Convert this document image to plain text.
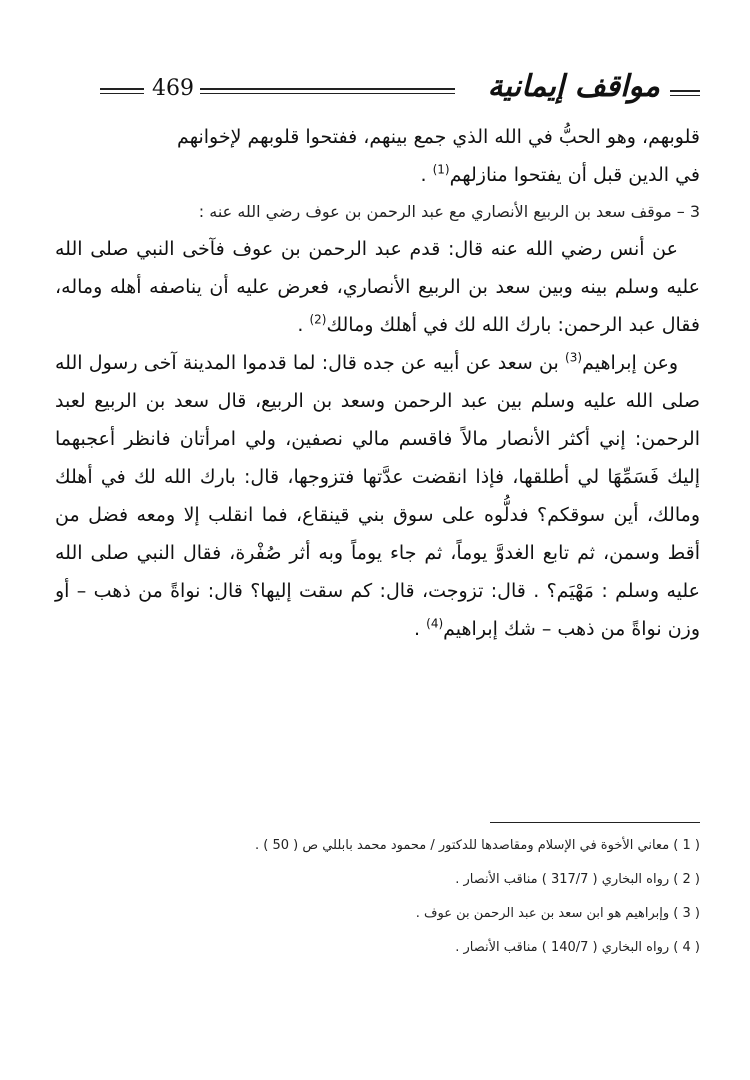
مواقف إيمانية
469

قلوبهم، وهو الحبُّ في الله الذي جمع بينهم، ففتحوا قلوبهم لإخوانهم
في الدين قبل أن يفتحوا منازلهم$^{(1)}$ .

3 – موقف سعد بن الربيع الأنصاري مع عبد الرحمن بن عوف رضي الله عنه :

عن أنس رضي الله عنه قال: قدم عبد الرحمن بن عوف فآخى النبي صلى الله عليه وسلم بينه وبين سعد بن الربيع الأنصاري، فعرض عليه أن يناصفه أهله وماله، فقال عبد الرحمن: بارك الله لك في أهلك ومالك$^{(2)}$ .

وعن إبراهيم$^{(3)}$ بن سعد عن أبيه عن جده قال: لما قدموا المدينة آخى رسول الله صلى الله عليه وسلم بين عبد الرحمن وسعد بن الربيع، قال سعد بن الربيع لعبد الرحمن: إني أكثر الأنصار مالاً فاقسم مالي نصفين، ولي امرأتان فانظر أعجبهما إليك فَسَمِّهَا لي أطلقها، فإذا انقضت عدَّتها فتزوجها، قال: بارك الله لك في أهلك ومالك، أين سوقكم؟ فدلُّوه على سوق بني قينقاع، فما انقلب إلا ومعه فضل من أقط وسمن، ثم تابع الغدوَّ يوماً، ثم جاء يوماً وبه أثر صُفْرة، فقال النبي صلى الله عليه وسلم : مَهْيَم؟ . قال: تزوجت، قال: كم سقت إليها؟ قال: نواةً من ذهب – أو وزن نواةً من ذهب – شك إبراهيم$^{(4)}$ .

( 1 ) معاني الأخوة في الإسلام ومقاصدها للدكتور / محمود محمد بابللي ص ( 50 ) .

( 2 ) رواه البخاري ( 317/7 ) مناقب الأنصار .

( 3 ) وإبراهيم هو ابن سعد بن عبد الرحمن بن عوف .

( 4 ) رواه البخاري ( 140/7 ) مناقب الأنصار .
